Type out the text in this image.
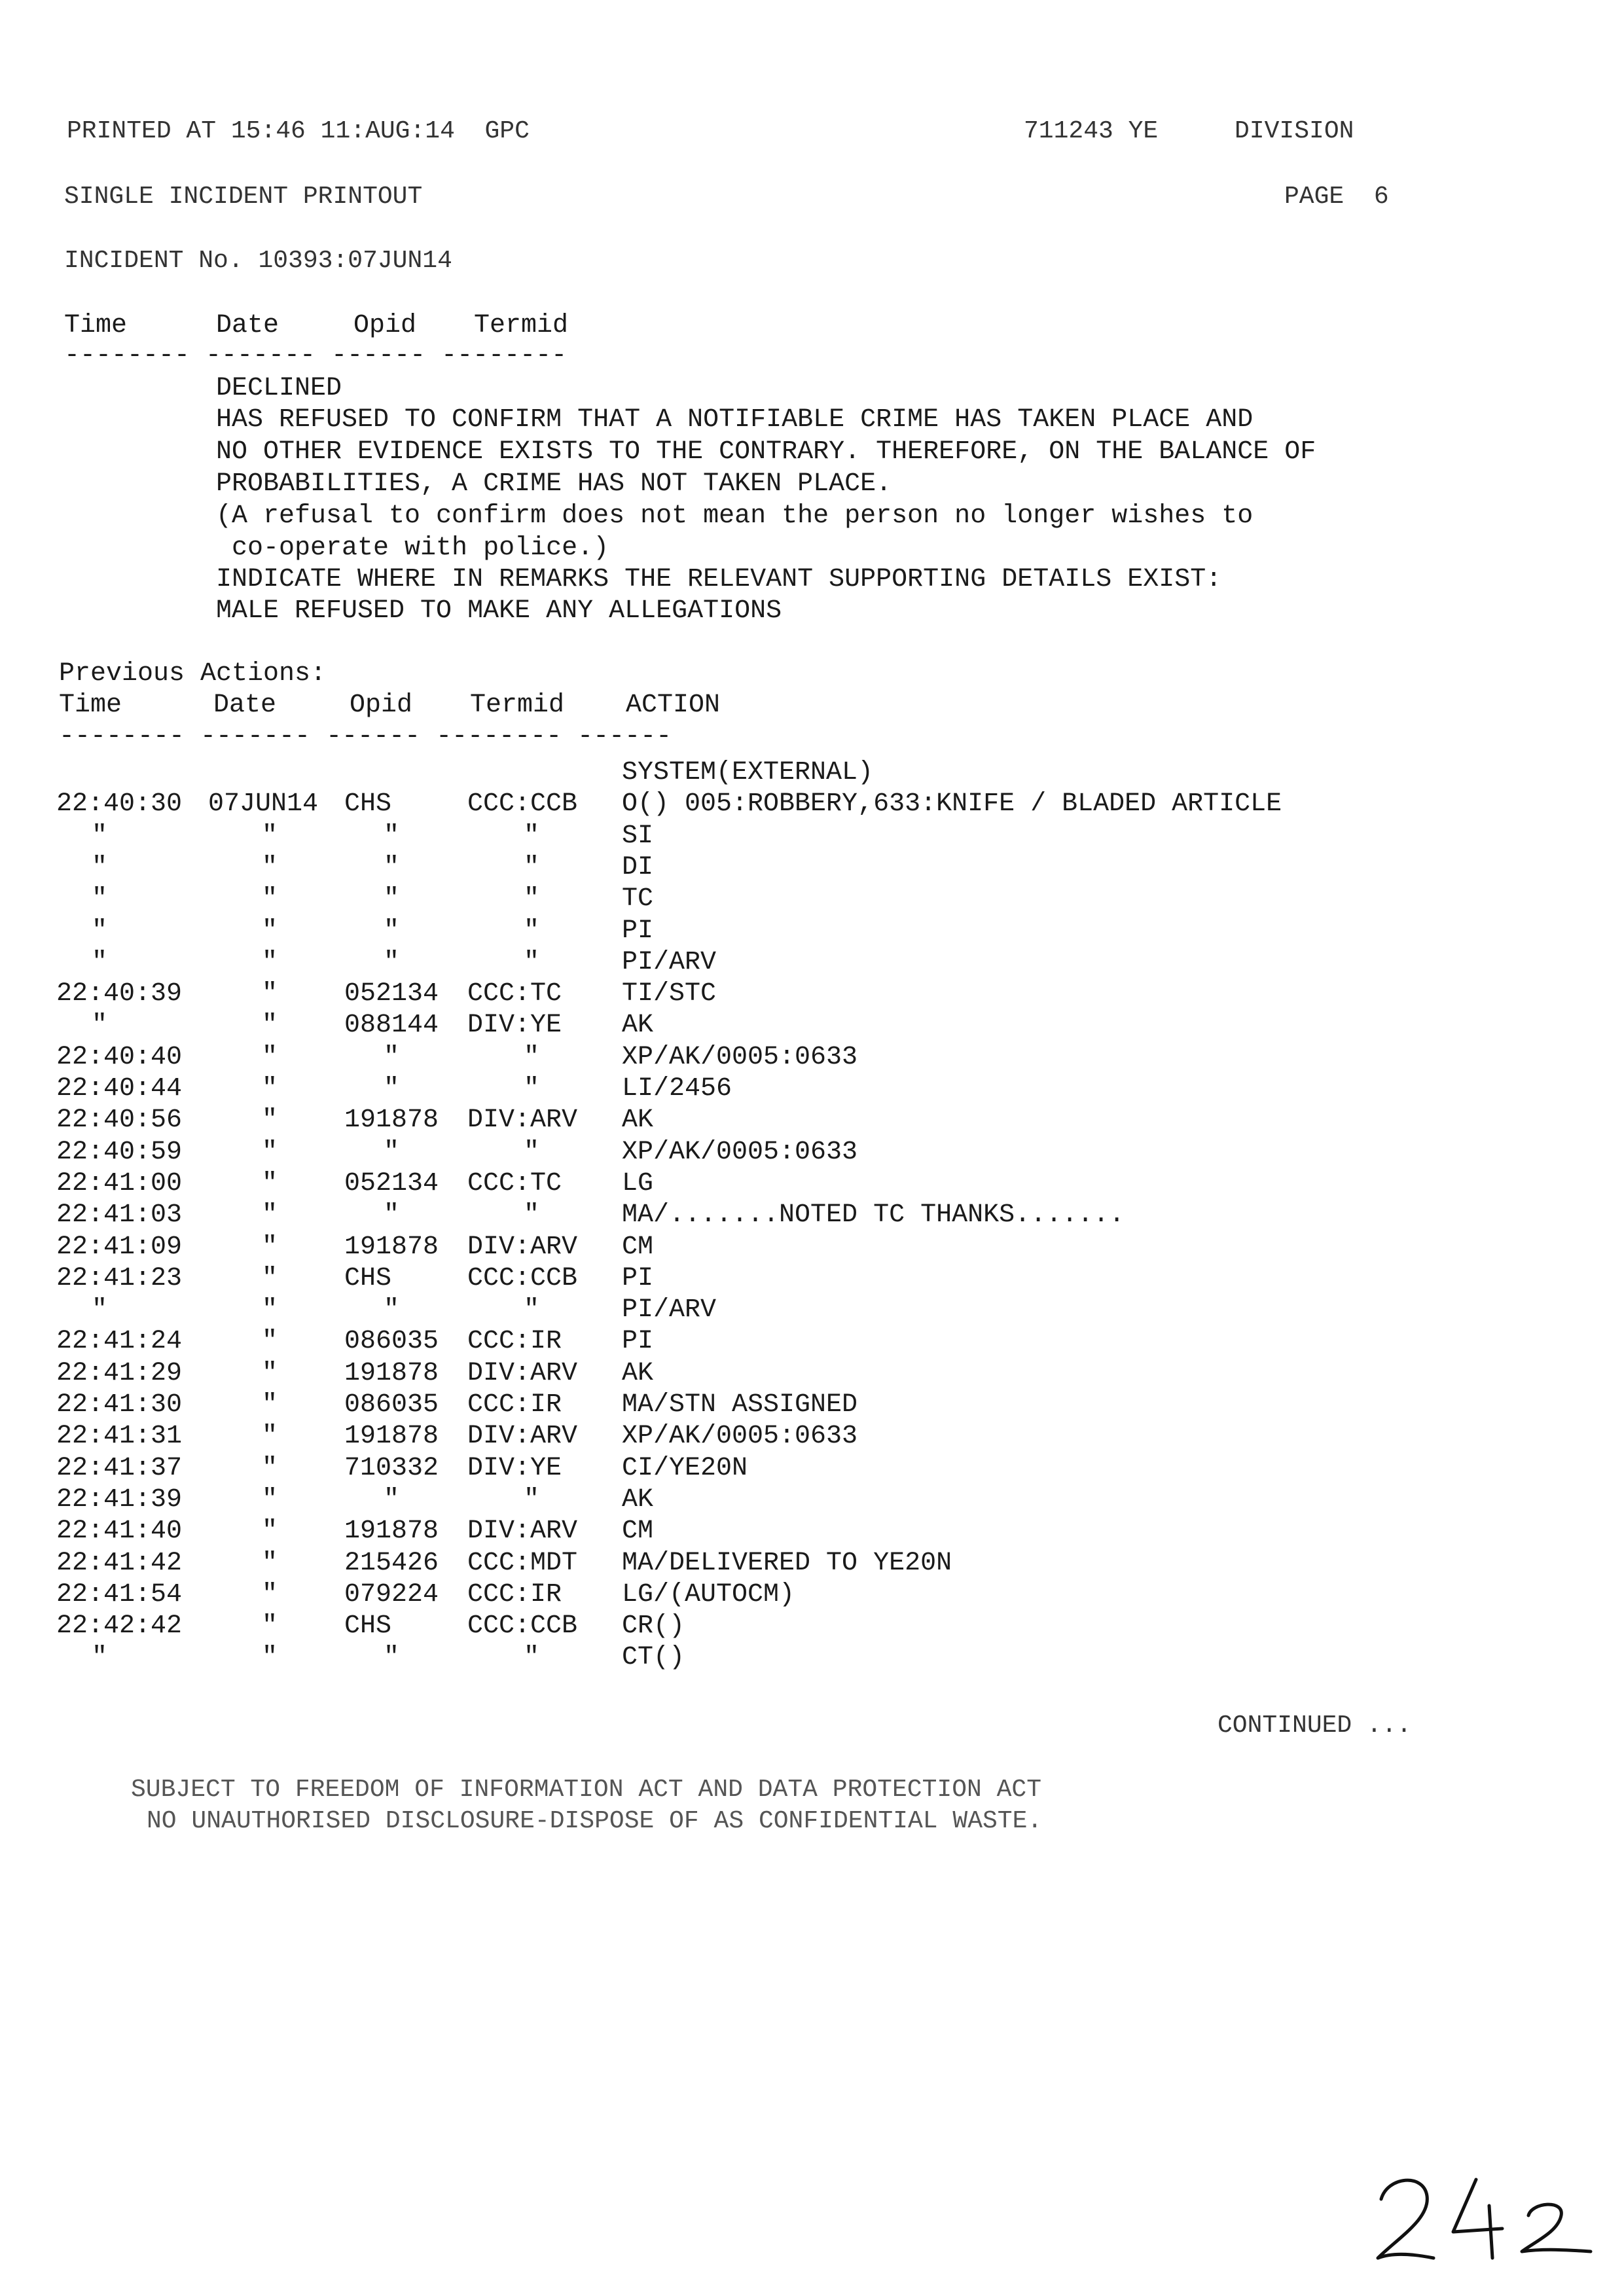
PRINTED AT 15:46 11:AUG:14  GPC	711243 YE	DIVISION
SINGLE INCIDENT PRINTOUT	PAGE  6
INCIDENT No. 10393:07JUN14
Time	Date	Opid Termid
-------- ------- ------ --------
DECLINED
HAS REFUSED TO CONFIRM THAT A NOTIFIABLE CRIME HAS TAKEN PLACE AND
NO OTHER EVIDENCE EXISTS TO THE CONTRARY. THEREFORE, ON THE BALANCE OF
PROBABILITIES, A CRIME HAS NOT TAKEN PLACE.
(A refusal to confirm does not mean the person no longer wishes to
co-operate with police.)
INDICATE WHERE IN REMARKS THE RELEVANT SUPPORTING DETAILS EXIST:
MALE REFUSED TO MAKE ANY ALLEGATIONS
Previous Actions:
Time	Date	Opid Termid ACTION
-------- ------- ------ -------- ------
SYSTEM(EXTERNAL)
22:40:30 07JUN14 CHS	CCC:CCB O() 005:ROBBERY,633:KNIFE / BLADED ARTICLE
"	"	"	"	SI
"	"	"	"	DI
"	"	"	"	TC
"	"	"	"	PI
"	"	"	"	PI/ARV
22:40:39	"	052134 CCC:TC TI/STC
"	"	088144 DIV:YE AK
22:40:40	"	"	"	XP/AK/0005:0633
22:40:44	"	"	"	LI/2456
22:40:56	"	191878 DIV:ARV AK
22:40:59	"	"	"	XP/AK/0005:0633
22:41:00	"	052134 CCC:TC LG
22:41:03	"	"	"	MA/.......NOTED TC THANKS.......
22:41:09	"	191878 DIV:ARV CM
22:41:23	"	CHS	CCC:CCB PI
"	"	"	"	PI/ARV
22:41:24	"	086035 CCC:IR PI
22:41:29	"	191878 DIV:ARV AK
22:41:30	"	086035 CCC:IR MA/STN ASSIGNED
22:41:31	"	191878 DIV:ARV XP/AK/0005:0633
22:41:37	"	710332 DIV:YE CI/YE20N
22:41:39	"	"	"	AK
22:41:40	"	191878 DIV:ARV CM
22:41:42	"	215426 CCC:MDT MA/DELIVERED TO YE20N
22:41:54	"	079224 CCC:IR LG/(AUTOCM)
22:42:42	"	CHS	CCC:CCB CR()
"	"	"	"	CT()
CONTINUED ...
SUBJECT TO FREEDOM OF INFORMATION ACT AND DATA PROTECTION ACT
NO UNAUTHORISED DISCLOSURE-DISPOSE OF AS CONFIDENTIAL WASTE.
